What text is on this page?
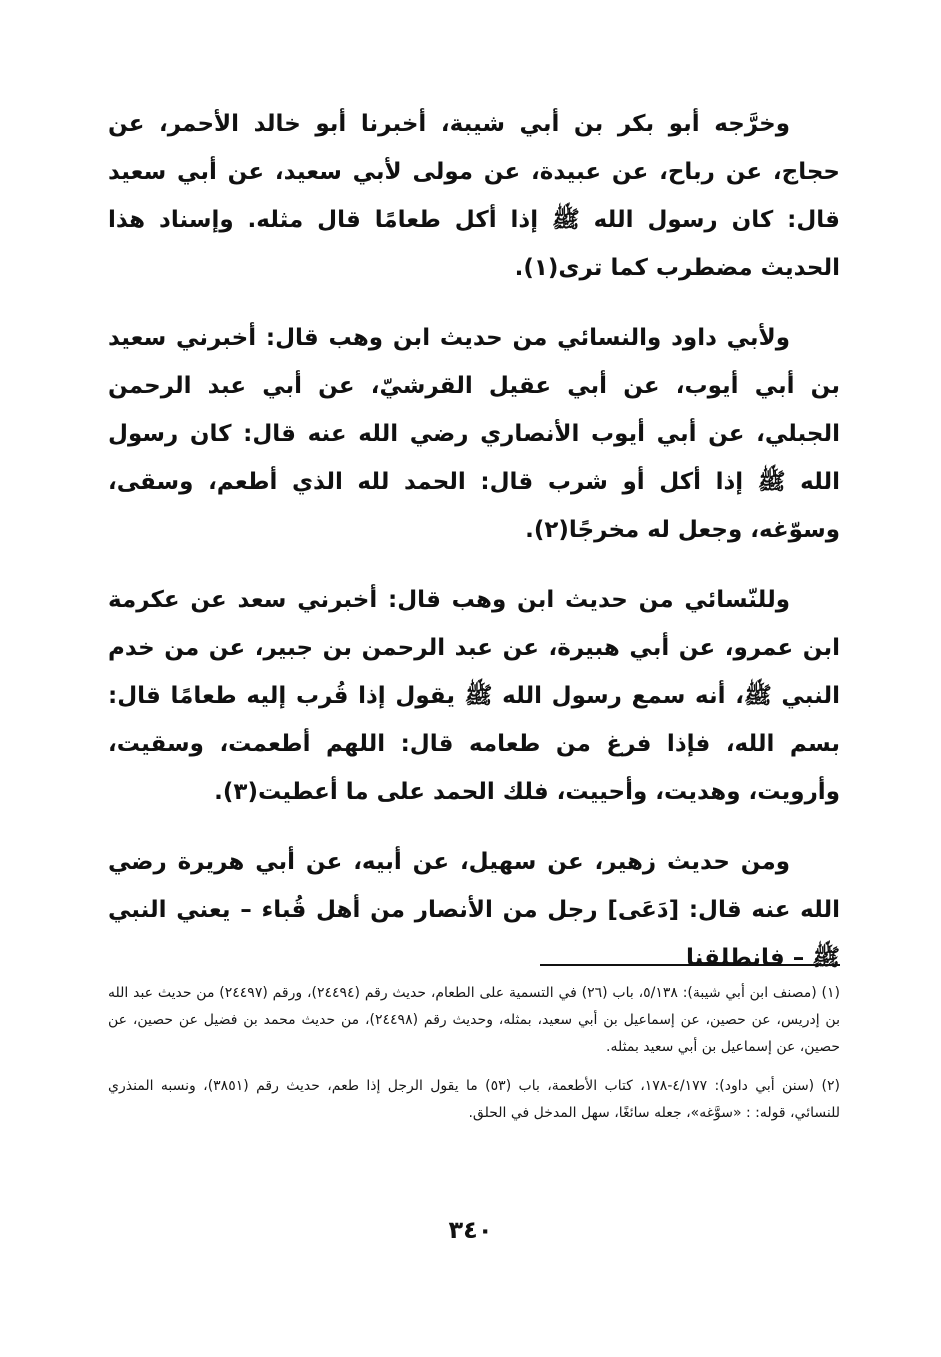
وخرَّجه أبو بكر بن أبي شيبة، أخبرنا أبو خالد الأحمر، عن حجاج، عن رباح، عن عبيدة، عن مولى لأبي سعيد، عن أبي سعيد قال: كان رسول الله ﷺ إذا أكل طعامًا قال مثله. وإسناد هذا الحديث مضطرب كما ترى(١).

ولأبي داود والنسائي من حديث ابن وهب قال: أخبرني سعيد بن أبي أيوب، عن أبي عقيل القرشيّ، عن أبي عبد الرحمن الجبلي، عن أبي أيوب الأنصاري رضي الله عنه قال: كان رسول الله ﷺ إذا أكل أو شرب قال: الحمد لله الذي أطعم، وسقى، وسوّغه، وجعل له مخرجًا(٢).

وللنّسائي من حديث ابن وهب قال: أخبرني سعد عن عكرمة ابن عمرو، عن أبي هبيرة، عن عبد الرحمن بن جبير، عن من خدم النبي ﷺ، أنه سمع رسول الله ﷺ يقول إذا قُرب إليه طعامًا قال: بسم الله، فإذا فرغ من طعامه قال: اللهم أطعمت، وسقيت، وأرويت، وهديت، وأحييت، فلك الحمد على ما أعطيت(٣).

ومن حديث زهير، عن سهيل، عن أبيه، عن أبي هريرة رضي الله عنه قال: [دَعَى] رجل من الأنصار من أهل قُباء – يعني النبي ﷺ – فانطلقنا

(١) (مصنف ابن أبي شيبة): ٥/١٣٨، باب (٢٦) في التسمية على الطعام، حديث رقم (٢٤٤٩٤)، ورقم (٢٤٤٩٧) من حديث عبد الله بن إدريس، عن حصين، عن إسماعيل بن أبي سعيد، بمثله، وحديث رقم (٢٤٤٩٨)، من حديث محمد بن فضيل عن حصين، عن حصين، عن إسماعيل بن أبي سعيد بمثله.

(٢) (سنن أبي داود): ٤/١٧٧-١٧٨، كتاب الأطعمة، باب (٥٣) ما يقول الرجل إذا طعم، حديث رقم (٣٨٥١)، ونسبه المنذري للنسائي، قوله: : «سوَّغه»، جعله سائغًا، سهل المدخل في الحلق.

٣٤٠
